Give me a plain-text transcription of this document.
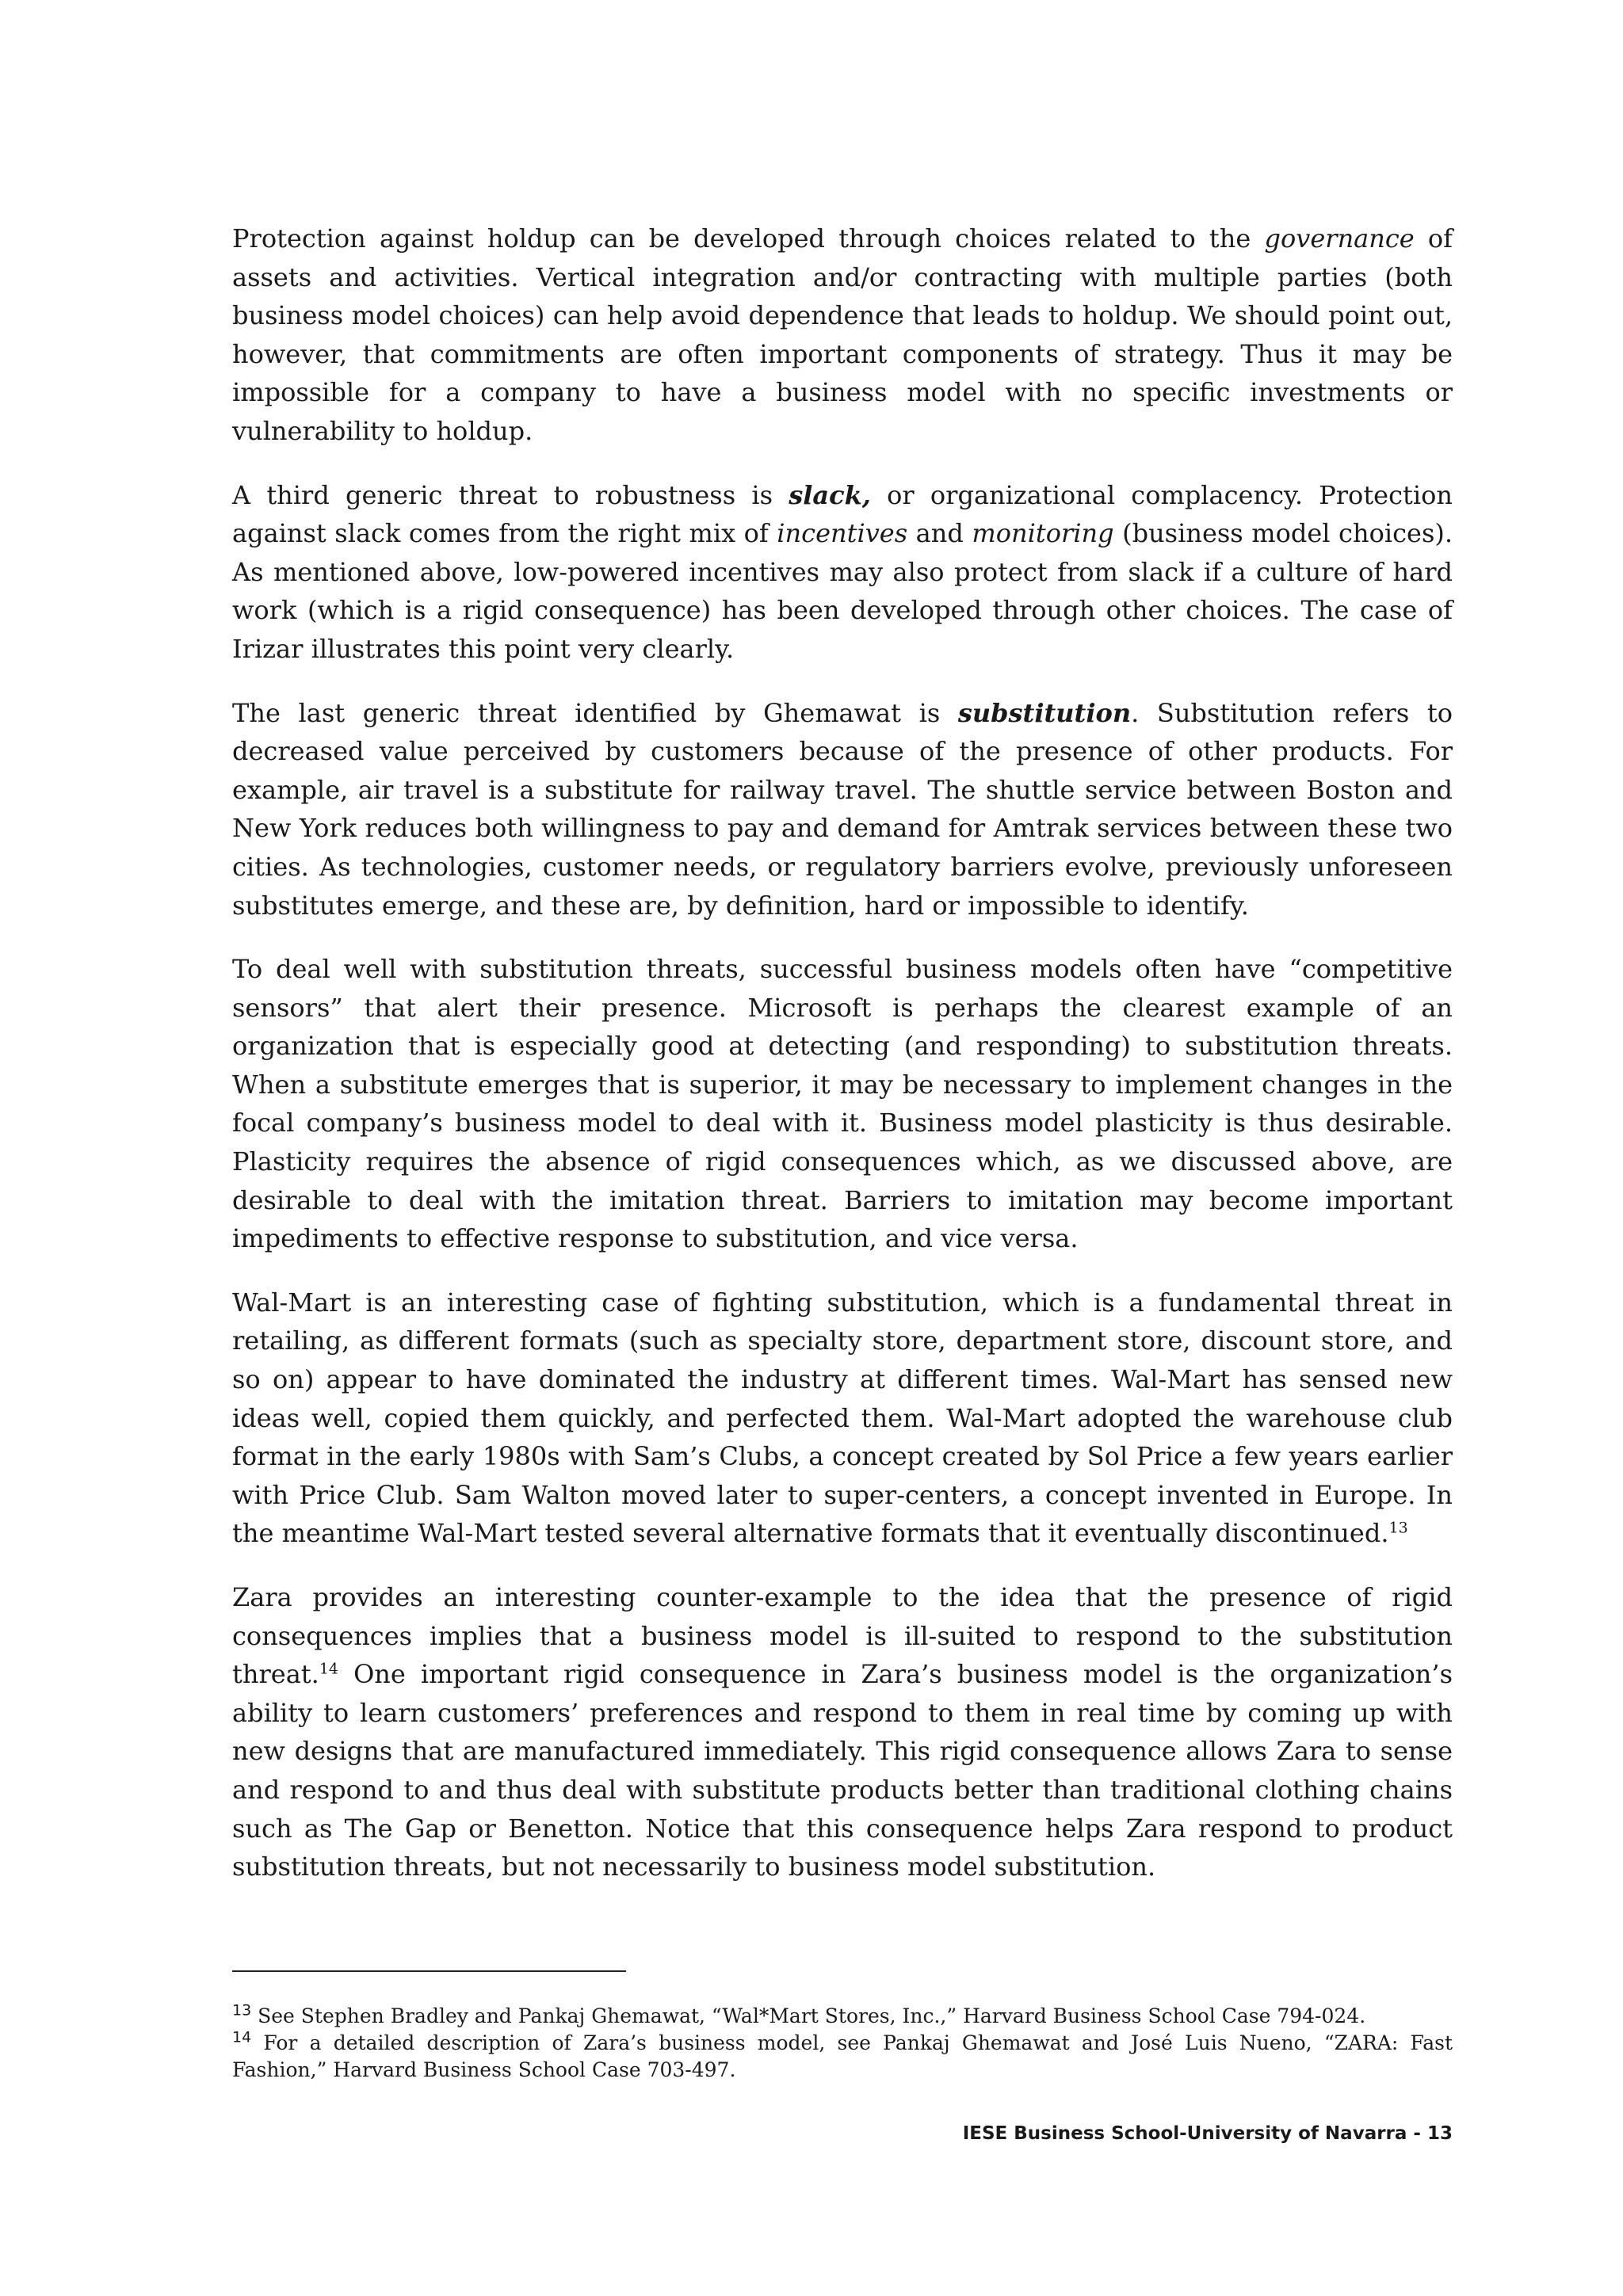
Protection against holdup can be developed through choices related to the governance of assets and activities. Vertical integration and/or contracting with multiple parties (both business model choices) can help avoid dependence that leads to holdup. We should point out, however, that commitments are often important components of strategy. Thus it may be impossible for a company to have a business model with no specific investments or vulnerability to holdup.

A third generic threat to robustness is slack, or organizational complacency. Protection against slack comes from the right mix of incentives and monitoring (business model choices). As mentioned above, low-powered incentives may also protect from slack if a culture of hard work (which is a rigid consequence) has been developed through other choices. The case of Irizar illustrates this point very clearly.

The last generic threat identified by Ghemawat is substitution. Substitution refers to decreased value perceived by customers because of the presence of other products. For example, air travel is a substitute for railway travel. The shuttle service between Boston and New York reduces both willingness to pay and demand for Amtrak services between these two cities. As technologies, customer needs, or regulatory barriers evolve, previously unforeseen substitutes emerge, and these are, by definition, hard or impossible to identify.

To deal well with substitution threats, successful business models often have “competitive sensors” that alert their presence. Microsoft is perhaps the clearest example of an organization that is especially good at detecting (and responding) to substitution threats. When a substitute emerges that is superior, it may be necessary to implement changes in the focal company’s business model to deal with it. Business model plasticity is thus desirable. Plasticity requires the absence of rigid consequences which, as we discussed above, are desirable to deal with the imitation threat. Barriers to imitation may become important impediments to effective response to substitution, and vice versa.

Wal-Mart is an interesting case of fighting substitution, which is a fundamental threat in retailing, as different formats (such as specialty store, department store, discount store, and so on) appear to have dominated the industry at different times. Wal-Mart has sensed new ideas well, copied them quickly, and perfected them. Wal-Mart adopted the warehouse club format in the early 1980s with Sam’s Clubs, a concept created by Sol Price a few years earlier with Price Club. Sam Walton moved later to super-centers, a concept invented in Europe. In the meantime Wal-Mart tested several alternative formats that it eventually discontinued.$^{13}$

Zara provides an interesting counter-example to the idea that the presence of rigid consequences implies that a business model is ill-suited to respond to the substitution threat.$^{14}$ One important rigid consequence in Zara’s business model is the organization’s ability to learn customers’ preferences and respond to them in real time by coming up with new designs that are manufactured immediately. This rigid consequence allows Zara to sense and respond to and thus deal with substitute products better than traditional clothing chains such as The Gap or Benetton. Notice that this consequence helps Zara respond to product substitution threats, but not necessarily to business model substitution.

$^{13}$ See Stephen Bradley and Pankaj Ghemawat, “Wal*Mart Stores, Inc.,” Harvard Business School Case 794-024.

$^{14}$ For a detailed description of Zara’s business model, see Pankaj Ghemawat and José Luis Nueno, “ZARA: Fast Fashion,” Harvard Business School Case 703-497.

IESE Business School-University of Navarra - 13
